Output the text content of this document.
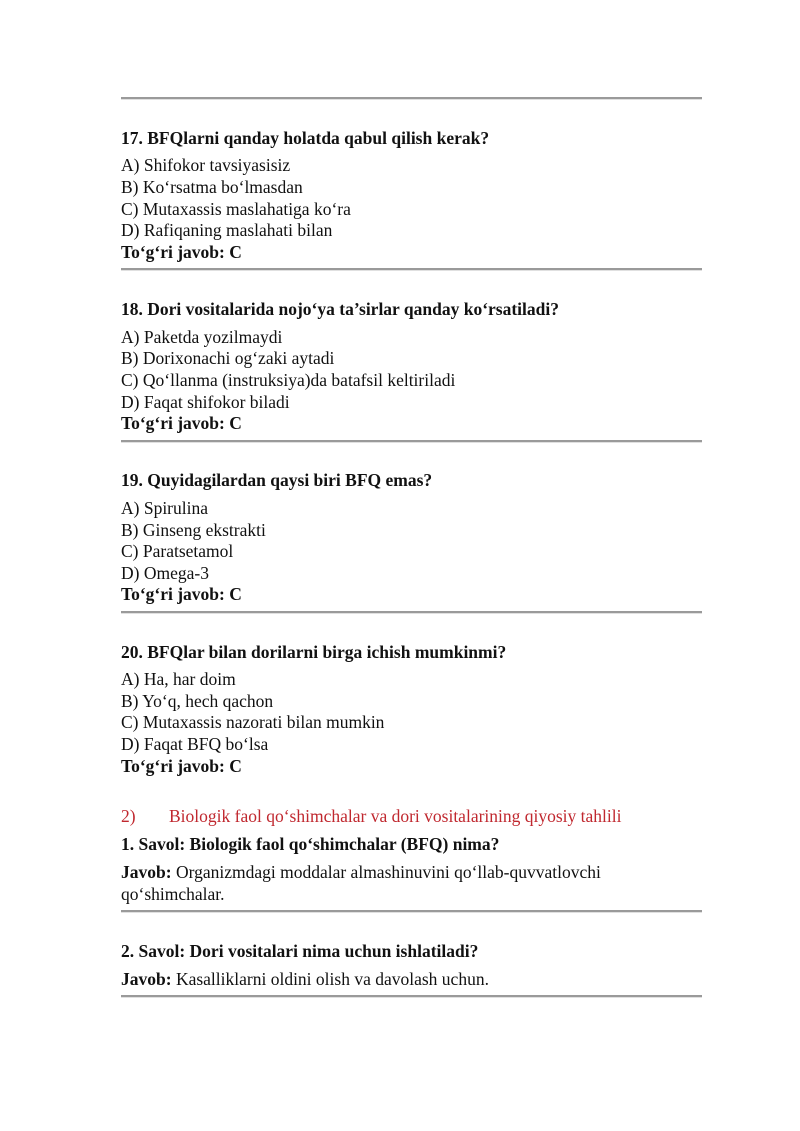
17. BFQlarni qanday holatda qabul qilish kerak?
A) Shifokor tavsiyasisiz
B) Ko‘rsatma bo‘lmasdan
C) Mutaxassis maslahatiga ko‘ra
D) Rafiqaning maslahati bilan
To‘g‘ri javob: C
18. Dori vositalarida nojo‘ya ta’sirlar qanday ko‘rsatiladi?
A) Paketda yozilmaydi
B) Dorixonachi og‘zaki aytadi
C) Qo‘llanma (instruksiya)da batafsil keltiriladi
D) Faqat shifokor biladi
To‘g‘ri javob: C
19. Quyidagilardan qaysi biri BFQ emas?
A) Spirulina
B) Ginseng ekstrakti
C) Paratsetamol
D) Omega-3
To‘g‘ri javob: C
20. BFQlar bilan dorilarni birga ichish mumkinmi?
A) Ha, har doim
B) Yo‘q, hech qachon
C) Mutaxassis nazorati bilan mumkin
D) Faqat BFQ bo‘lsa
To‘g‘ri javob: C
2) Biologik faol qo‘shimchalar va dori vositalarining qiyosiy tahlili
1. Savol: Biologik faol qo‘shimchalar (BFQ) nima?
Javob: Organizmdagi moddalar almashinuvini qo‘llab-quvvatlovchi qo‘shimchalar.
2. Savol: Dori vositalari nima uchun ishlatiladi?
Javob: Kasalliklarni oldini olish va davolash uchun.
